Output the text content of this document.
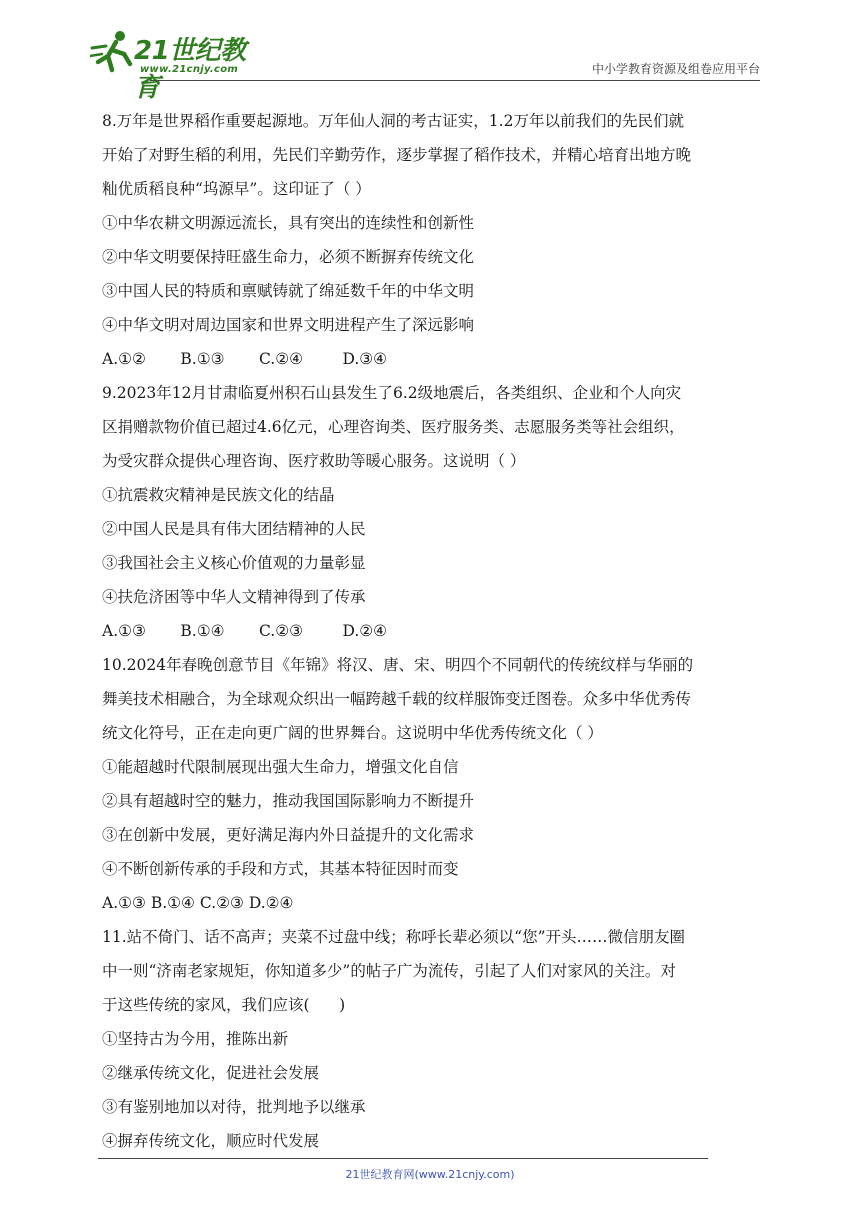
21世纪教育
www.21cnjy.com	中小学教育资源及组卷应用平台
8.万年是世界稻作重要起源地。万年仙人洞的考古证实，1.2万年以前我们的先民们就
开始了对野生稻的利用，先民们辛勤劳作，逐步掌握了稻作技术，并精心培育出地方晚
籼优质稻良种“坞源早”。这印证了（ ）
①中华农耕文明源远流长，具有突出的连续性和创新性
②中华文明要保持旺盛生命力，必须不断摒弃传统文化
③中国人民的特质和禀赋铸就了绵延数千年的中华文明
④中华文明对周边国家和世界文明进程产生了深远影响
A.①②       B.①③       C.②④        D.③④
9.2023年12月甘肃临夏州积石山县发生了6.2级地震后，各类组织、企业和个人向灾
区捐赠款物价值已超过4.6亿元，心理咨询类、医疗服务类、志愿服务类等社会组织，
为受灾群众提供心理咨询、医疗救助等暖心服务。这说明（ ）
①抗震救灾精神是民族文化的结晶
②中国人民是具有伟大团结精神的人民
③我国社会主义核心价值观的力量彰显
④扶危济困等中华人文精神得到了传承
A.①③       B.①④       C.②③        D.②④
10.2024年春晚创意节目《年锦》将汉、唐、宋、明四个不同朝代的传统纹样与华丽的
舞美技术相融合，为全球观众织出一幅跨越千载的纹样服饰变迁图卷。众多中华优秀传
统文化符号，正在走向更广阔的世界舞台。这说明中华优秀传统文化（ ）
①能超越时代限制展现出强大生命力，增强文化自信
②具有超越时空的魅力，推动我国国际影响力不断提升
③在创新中发展，更好满足海内外日益提升的文化需求
④不断创新传承的手段和方式，其基本特征因时而变
A.①③ B.①④ C.②③ D.②④
11.站不倚门、话不高声；夹菜不过盘中线；称呼长辈必须以“您”开头……微信朋友圈
中一则“济南老家规矩，你知道多少”的帖子广为流传，引起了人们对家风的关注。对
于这些传统的家风，我们应该(      )
①坚持古为今用，推陈出新
②继承传统文化，促进社会发展
③有鉴别地加以对待，批判地予以继承
④摒弃传统文化，顺应时代发展
21世纪教育网(www.21cnjy.com)
